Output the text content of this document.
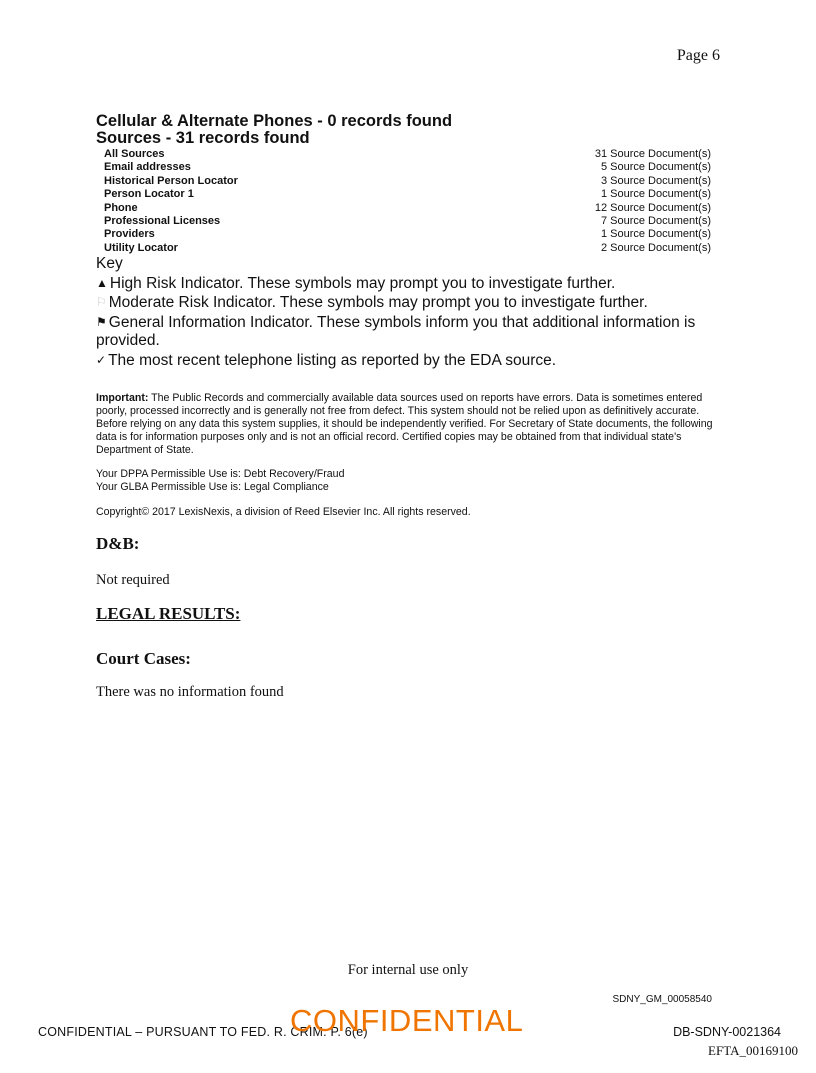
Page 6
Cellular & Alternate Phones - 0 records found
Sources - 31 records found
All Sources	31 Source Document(s)
Email addresses	5 Source Document(s)
Historical Person Locator	3 Source Document(s)
Person Locator 1	1 Source Document(s)
Phone	12 Source Document(s)
Professional Licenses	7 Source Document(s)
Providers	1 Source Document(s)
Utility Locator	2 Source Document(s)
Key
▲ High Risk Indicator. These symbols may prompt you to investigate further.
⚐ Moderate Risk Indicator. These symbols may prompt you to investigate further.
⚑ General Information Indicator. These symbols inform you that additional information is provided.
✓ The most recent telephone listing as reported by the EDA source.
Important: The Public Records and commercially available data sources used on reports have errors. Data is sometimes entered poorly, processed incorrectly and is generally not free from defect. This system should not be relied upon as definitively accurate. Before relying on any data this system supplies, it should be independently verified. For Secretary of State documents, the following data is for information purposes only and is not an official record. Certified copies may be obtained from that individual state's Department of State.
Your DPPA Permissible Use is: Debt Recovery/Fraud
Your GLBA Permissible Use is: Legal Compliance
Copyright© 2017 LexisNexis, a division of Reed Elsevier Inc. All rights reserved.
D&B:
Not required
LEGAL RESULTS:
Court Cases:
There was no information found
For internal use only
SDNY_GM_00058540
CONFIDENTIAL – PURSUANT TO FED. R. CRIM. P. 6(e)
CONFIDENTIAL	DB-SDNY-0021364
EFTA_00169100
